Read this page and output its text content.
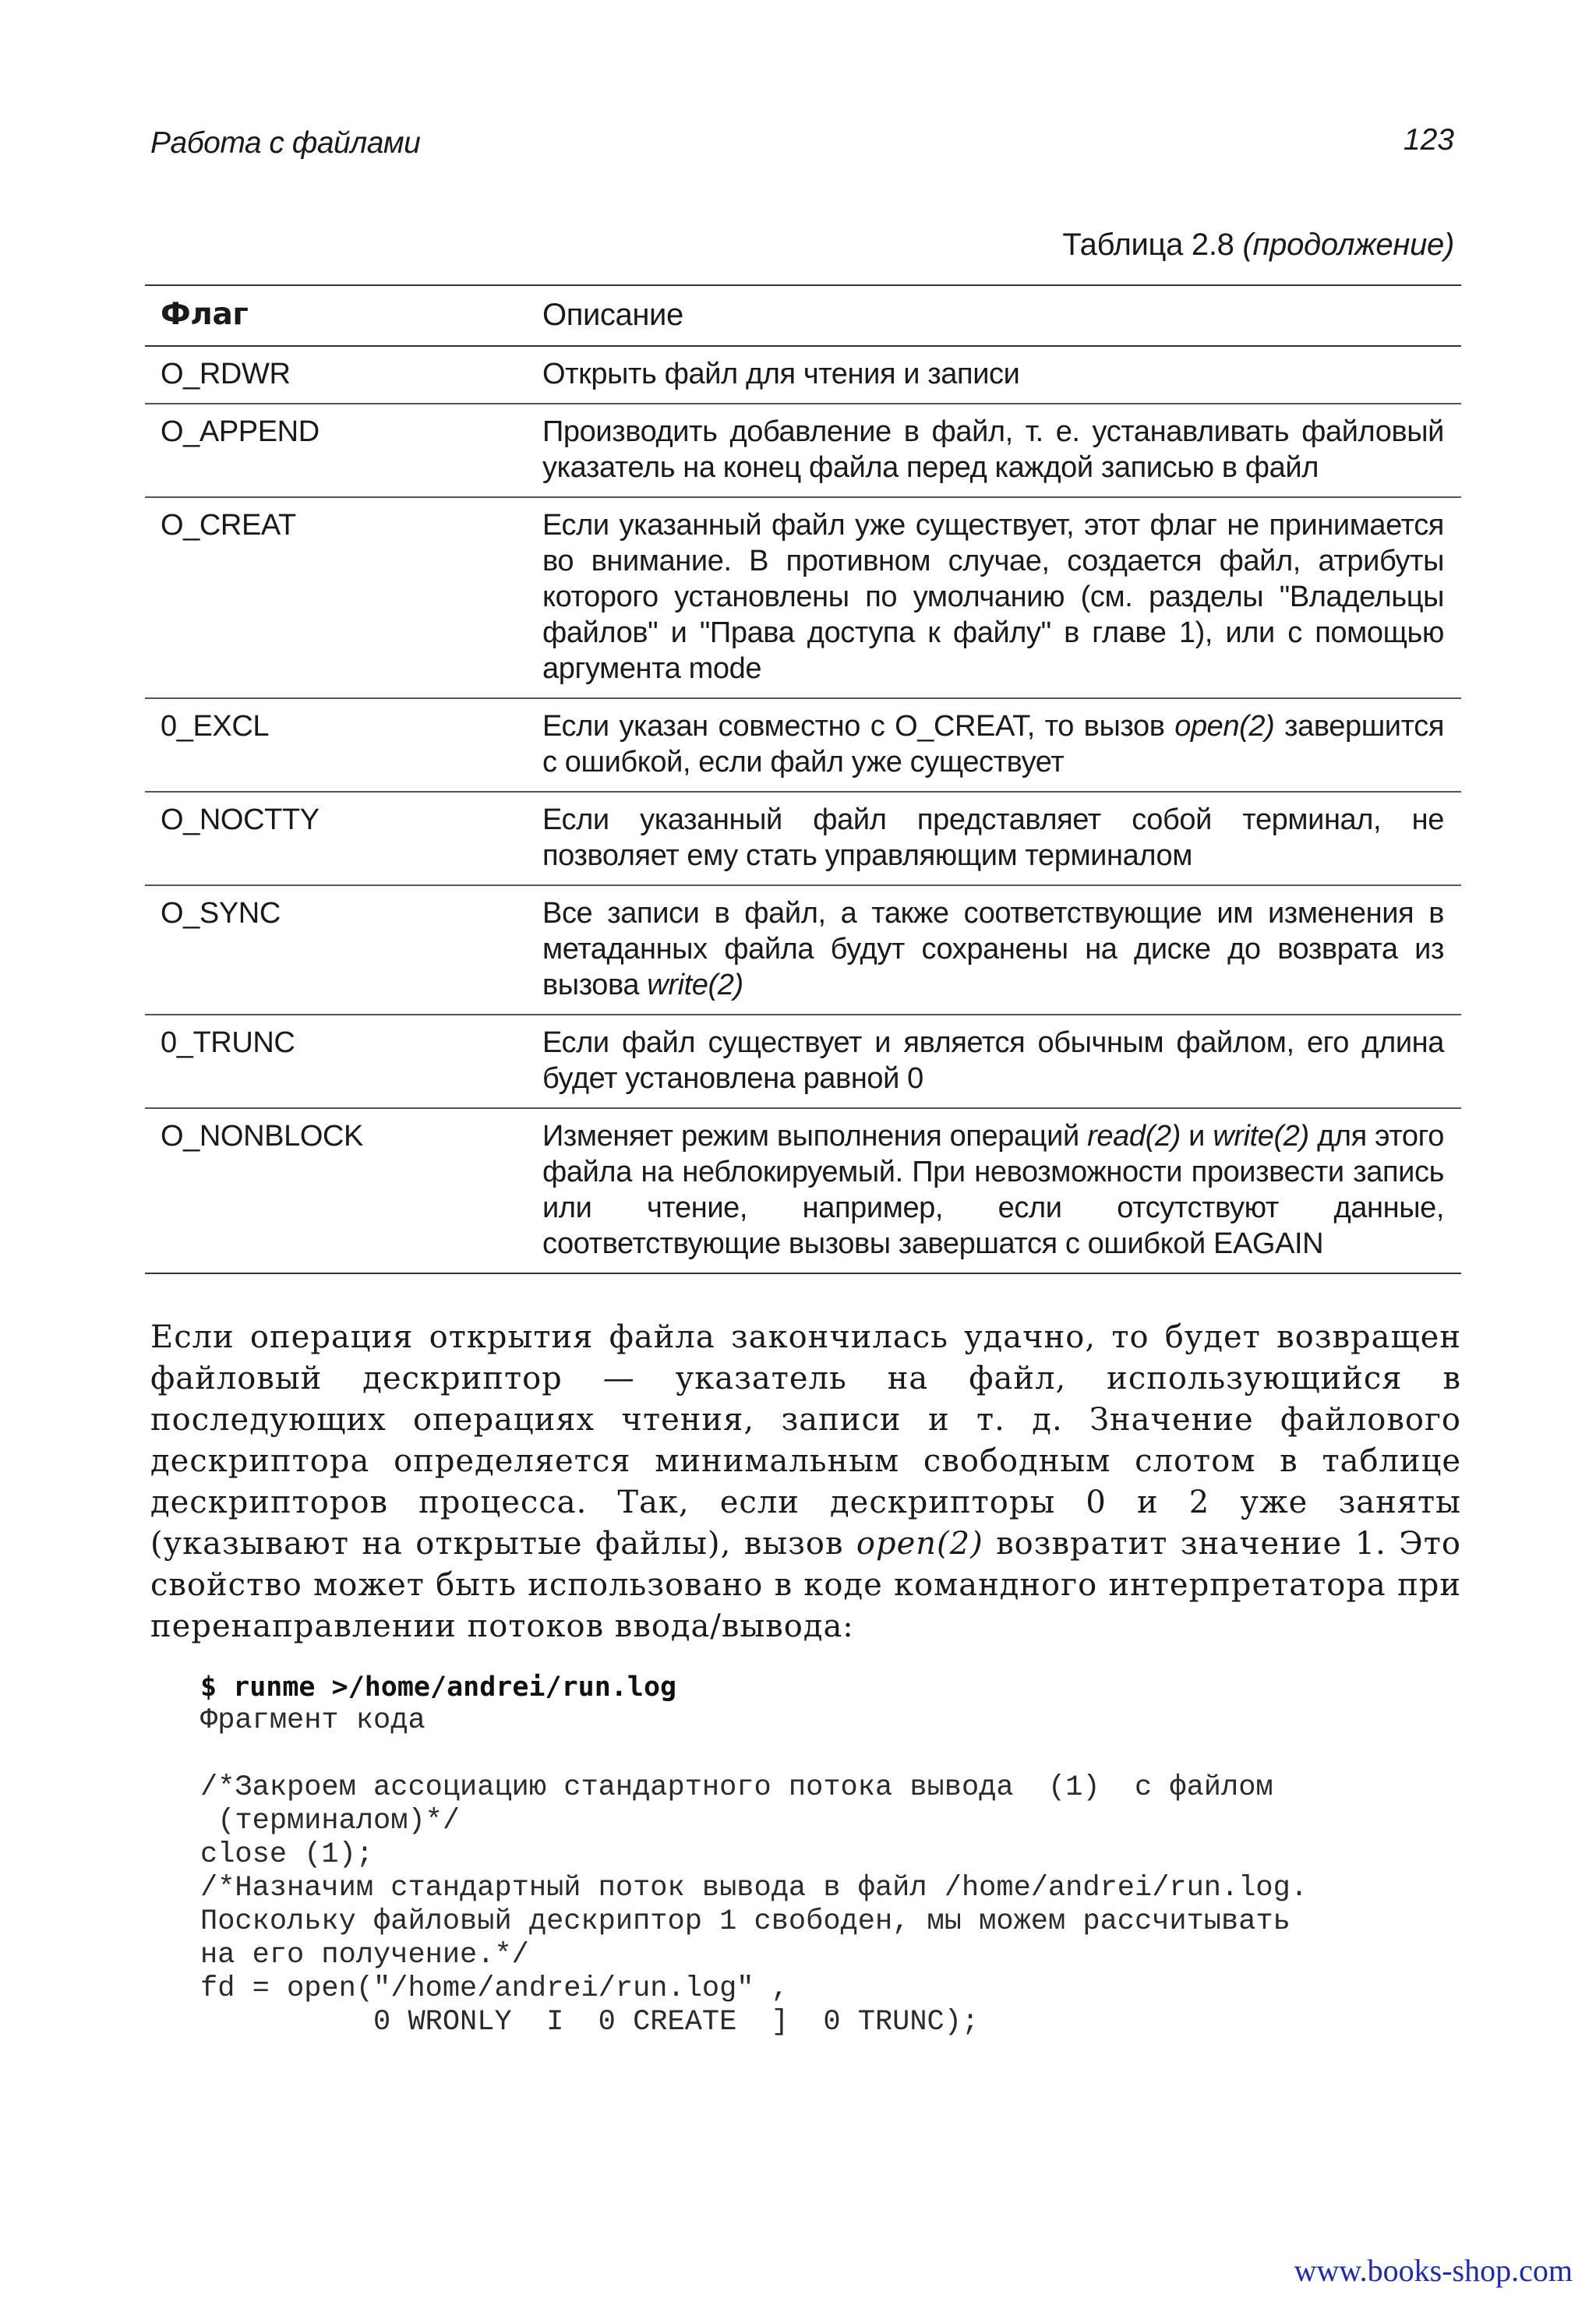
Работа с файлами	123
Таблица 2.8 (продолжение)
Флаг	Описание
O_RDWR	Открыть файл для чтения и записи
O_APPEND	Производить добавление в файл, т. е. устанавливать файловый указатель на конец файла перед каждой записью в файл
O_CREAT	Если указанный файл уже существует, этот флаг не принимается во внимание. В противном случае, создается файл, атрибуты которого установлены по умолчанию (см. разделы "Владельцы файлов" и "Права доступа к файлу" в главе 1), или с помощью аргумента mode
0_EXCL	Если указан совместно с O_CREAT, то вызов open(2) завершится с ошибкой, если файл уже существует
O_NOCTTY	Если указанный файл представляет собой терминал, не позволяет ему стать управляющим терминалом
O_SYNC	Все записи в файл, а также соответствующие им изменения в метаданных файла будут сохранены на диске до возврата из вызова write(2)
0_TRUNC	Если файл существует и является обычным файлом, его длина будет установлена равной 0
O_NONBLOCK	Изменяет режим выполнения операций read(2) и write(2) для этого файла на неблокируемый. При невозможности произвести запись или чтение, например, если отсутствуют данные, соответствующие вызовы завершатся с ошибкой EAGAIN
Если операция открытия файла закончилась удачно, то будет возвращен файловый дескриптор — указатель на файл, использующийся в последующих операциях чтения, записи и т. д. Значение файлового дескриптора определяется минимальным свободным слотом в таблице дескрипторов процесса. Так, если дескрипторы 0 и 2 уже заняты (указывают на открытые файлы), вызов open(2) возвратит значение 1. Это свойство может быть использовано в коде командного интерпретатора при перенаправлении потоков ввода/вывода:
$ runme >/home/andrei/run.log
Фрагмент кода

/*Закроем ассоциацию стандартного потока вывода  (1)  с файлом
(терминалом)*/
close (1);
/*Назначим стандартный поток вывода в файл /home/andrei/run.log.
Поскольку файловый дескриптор 1 свободен, мы можем рассчитывать
на его получение.*/
fd = open("/home/andrei/run.log" ,
0 WRONLY  I  0 CREATE  ]  0 TRUNC);
www.books-shop.com
